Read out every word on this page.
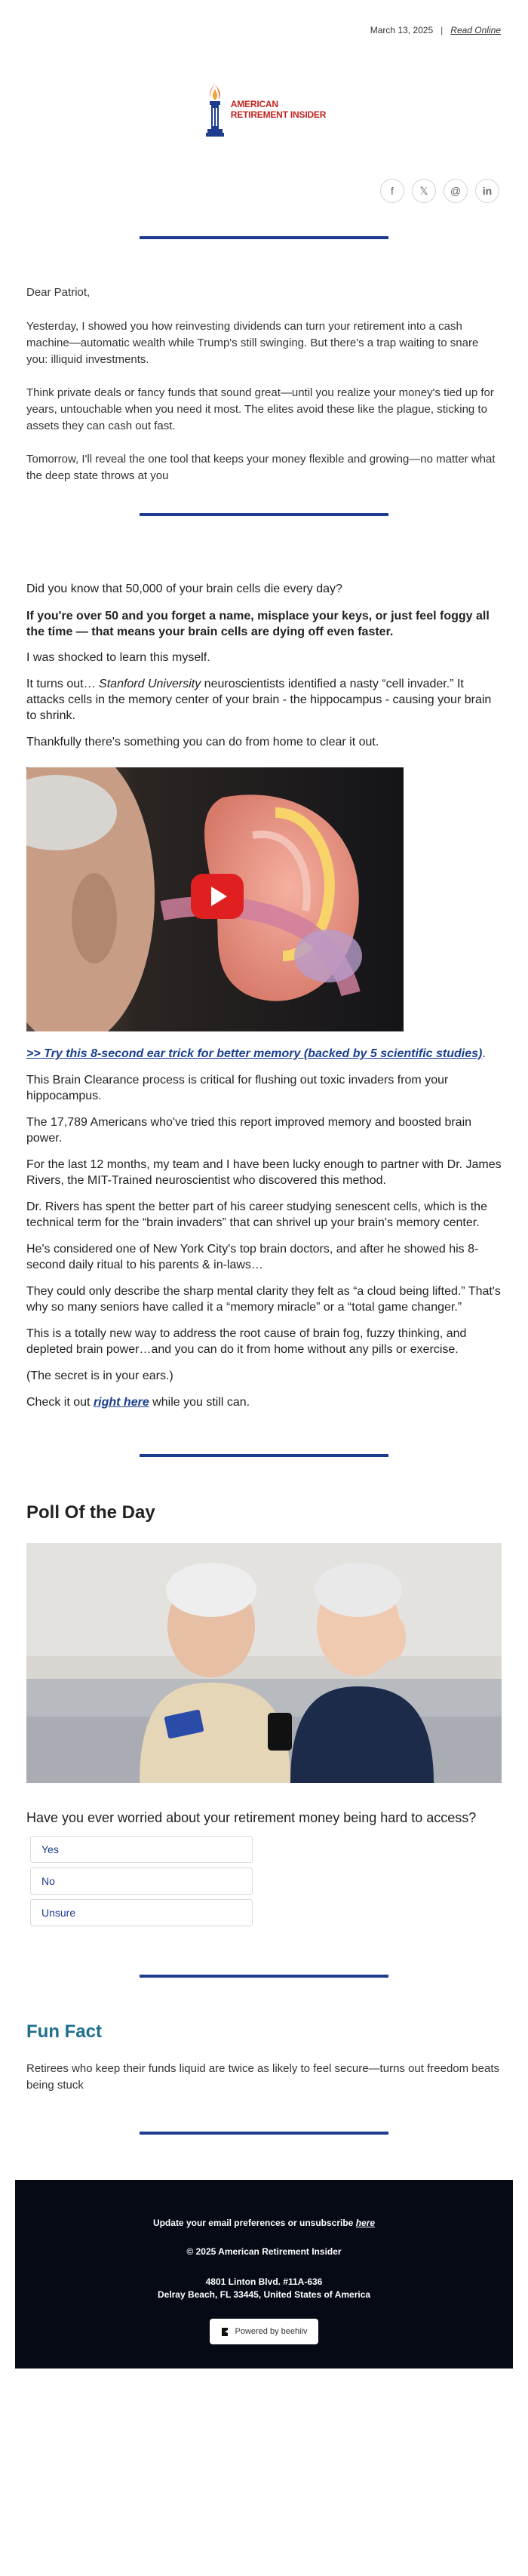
March 13, 2025 | Read Online
AMERICAN
RETIREMENT INSIDER
f 𝕏 @ in

Dear Patriot,

Yesterday, I showed you how reinvesting dividends can turn your retirement into a cash machine—automatic wealth while Trump's still swinging. But there's a trap waiting to snare you: illiquid investments.

Think private deals or fancy funds that sound great—until you realize your money's tied up for years, untouchable when you need it most. The elites avoid these like the plague, sticking to assets they can cash out fast.

Tomorrow, I'll reveal the one tool that keeps your money flexible and growing—no matter what the deep state throws at you

Did you know that 50,000 of your brain cells die every day?

If you're over 50 and you forget a name, misplace your keys, or just feel foggy all the time — that means your brain cells are dying off even faster.

I was shocked to learn this myself.

It turns out… Stanford University neuroscientists identified a nasty “cell invader.” It attacks cells in the memory center of your brain - the hippocampus - causing your brain to shrink.

Thankfully there's something you can do from home to clear it out.

>> Try this 8-second ear trick for better memory (backed by 5 scientific studies).

This Brain Clearance process is critical for flushing out toxic invaders from your hippocampus.

The 17,789 Americans who've tried this report improved memory and boosted brain power.

For the last 12 months, my team and I have been lucky enough to partner with Dr. James Rivers, the MIT-Trained neuroscientist who discovered this method.

Dr. Rivers has spent the better part of his career studying senescent cells, which is the technical term for the “brain invaders” that can shrivel up your brain's memory center.

He's considered one of New York City's top brain doctors, and after he showed his 8-second daily ritual to his parents & in-laws…

They could only describe the sharp mental clarity they felt as “a cloud being lifted.” That's why so many seniors have called it a “memory miracle” or a “total game changer.”

This is a totally new way to address the root cause of brain fog, fuzzy thinking, and depleted brain power…and you can do it from home without any pills or exercise.

(The secret is in your ears.)

Check it out right here while you still can.

Poll Of the Day

Have you ever worried about your retirement money being hard to access?

Yes
No
Unsure
Fun Fact

Retirees who keep their funds liquid are twice as likely to feel secure—turns out freedom beats being stuck

Update your email preferences or unsubscribe here

© 2025 American Retirement Insider

4801 Linton Blvd. #11A-636

Delray Beach, FL 33445, United States of America

Powered by beehiiv
